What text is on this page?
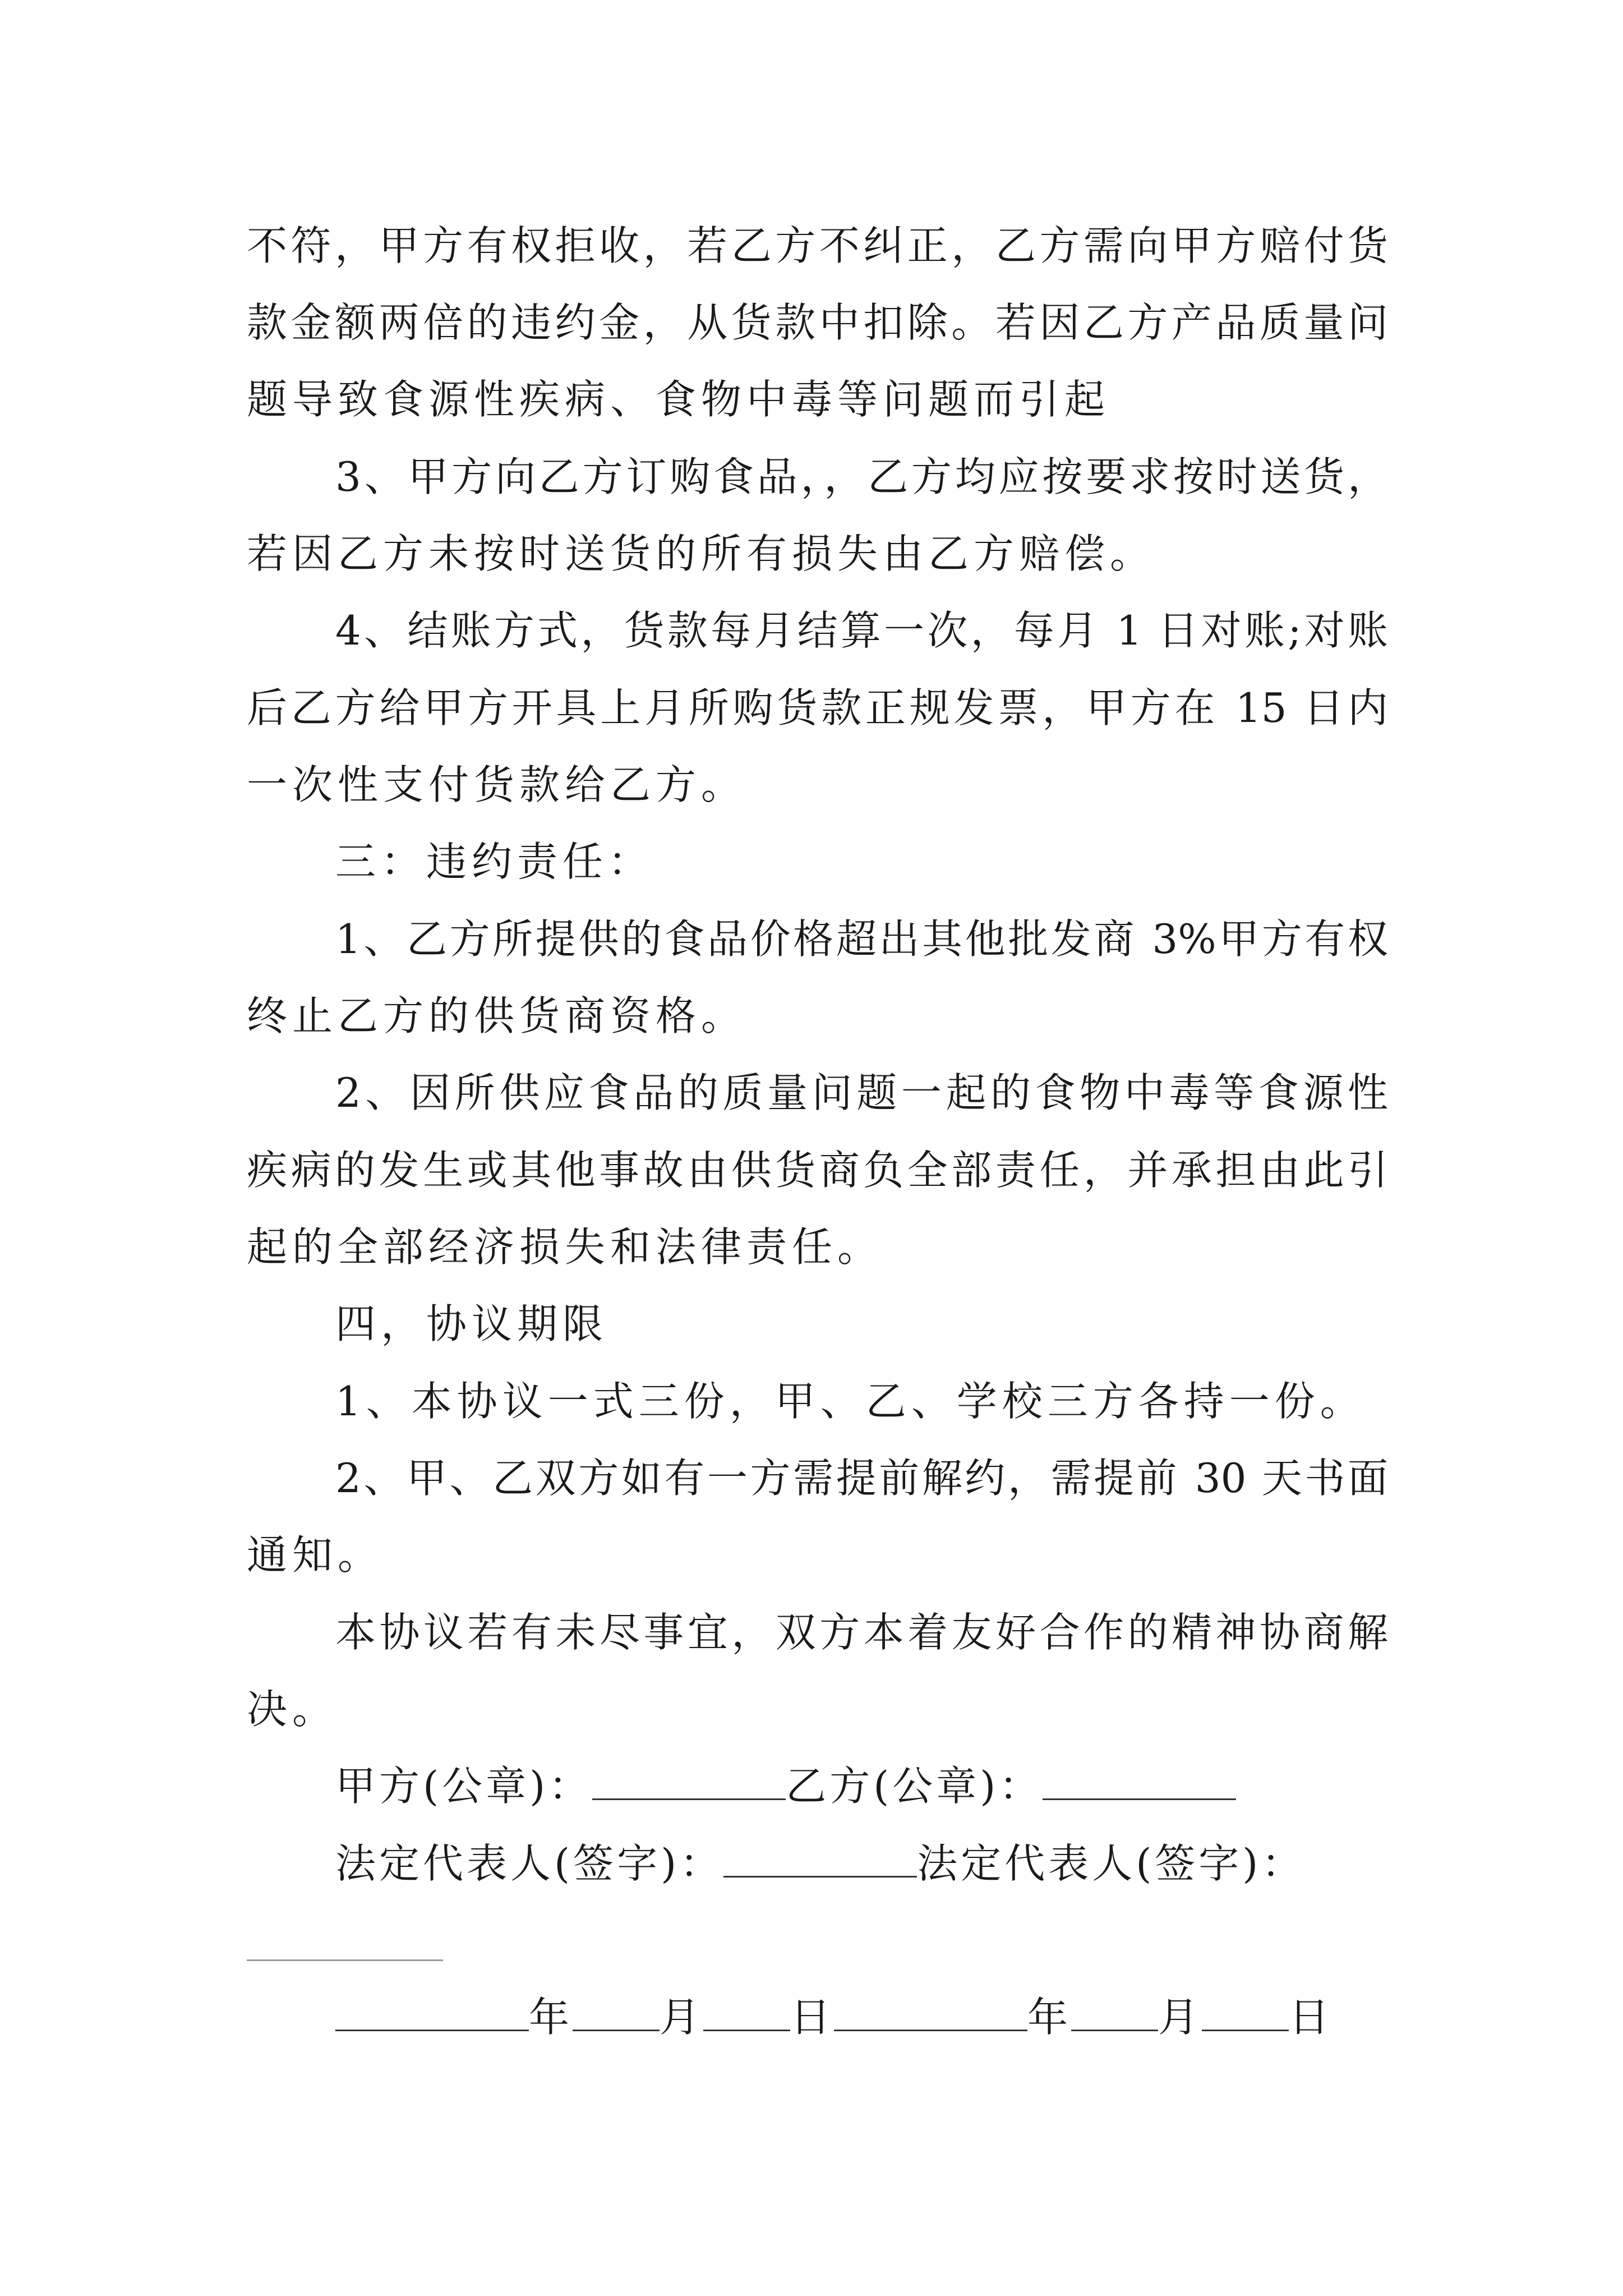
不符，甲方有权拒收，若乙方不纠正，乙方需向甲方赔付货
款金额两倍的违约金，从货款中扣除。若因乙方产品质量问
题导致食源性疾病、食物中毒等问题而引起
3、甲方向乙方订购食品，，乙方均应按要求按时送货，
若因乙方未按时送货的所有损失由乙方赔偿。
4、结账方式，货款每月结算一次，每月 1 日对账;对账
后乙方给甲方开具上月所购货款正规发票，甲方在 15 日内
一次性支付货款给乙方。
三：违约责任：
1、乙方所提供的食品价格超出其他批发商 3%甲方有权
终止乙方的供货商资格。
2、因所供应食品的质量问题一起的食物中毒等食源性
疾病的发生或其他事故由供货商负全部责任，并承担由此引
起的全部经济损失和法律责任。
四，协议期限
1、本协议一式三份，甲、乙、学校三方各持一份。
2、甲、乙双方如有一方需提前解约，需提前 30 天书面
通知。
本协议若有未尽事宜，双方本着友好合作的精神协商解
决。
甲方(公章)：	乙方(公章)：
法定代表人(签字)：	法定代表人(签字)：
年 月 日	年 月 日
